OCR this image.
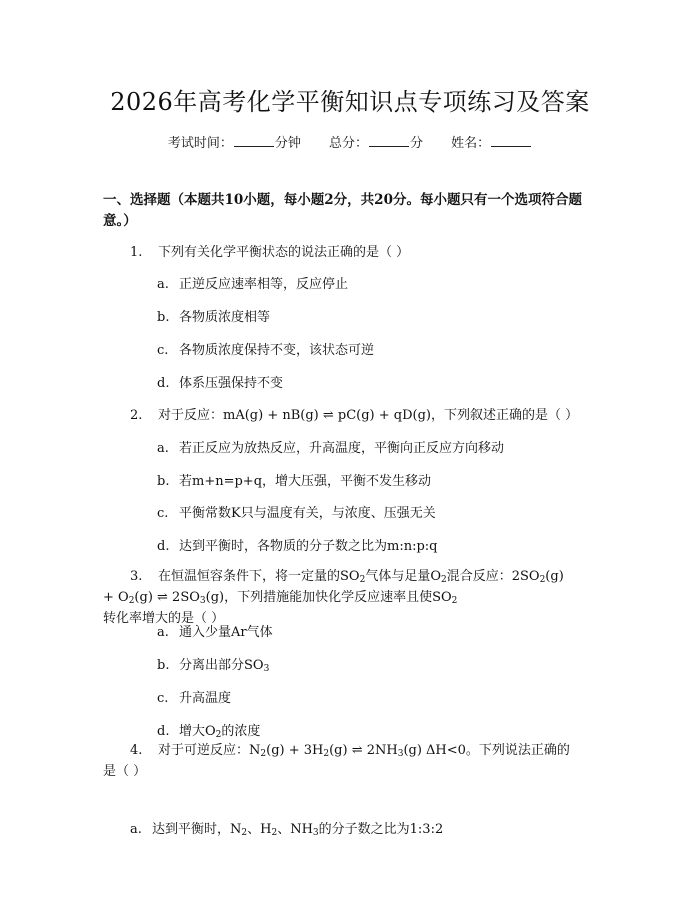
2026年高考化学平衡知识点专项练习及答案
考试时间：	分钟 总分：	分 姓名：
一、选择题（本题共10小题，每小题2分，共20分。每小题只有一个选项符合题意。）
1. 下列有关化学平衡状态的说法正确的是（ ）
a. 正逆反应速率相等，反应停止
b. 各物质浓度相等
c. 各物质浓度保持不变，该状态可逆
d. 体系压强保持不变
2. 对于反应：mA(g) + nB(g) ⇌ pC(g) + qD(g)，下列叙述正确的是（ ）
a. 若正反应为放热反应，升高温度，平衡向正反应方向移动
b. 若m+n=p+q，增大压强，平衡不发生移动
c. 平衡常数K只与温度有关，与浓度、压强无关
d. 达到平衡时，各物质的分子数之比为m:n:p:q
3. 在恒温恒容条件下，将一定量的$SO_2$气体与足量$O_2$混合反应：$2SO_2(g) + O_2(g)$ ⇌ $2SO_3(g)$，下列措施能加快化学反应速率且使$SO_2$转化率增大的是（ ）
a. 通入少量Ar气体
b. 分离出部分$SO_3$
c. 升高温度
d. 增大$O_2$的浓度
4. 对于可逆反应：$N_2(g) + 3H_2(g)$ ⇌ $2NH_3(g)$ ΔH<0。下列说法正确的是（ ）
a. 达到平衡时，$N_2$、$H_2$、$NH_3$的分子数之比为1:3:2
